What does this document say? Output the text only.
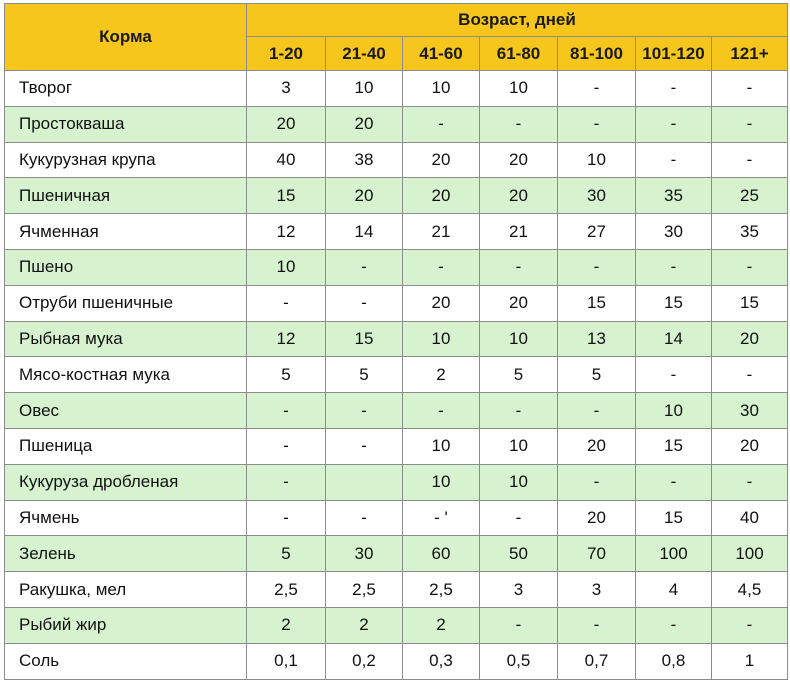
Корма	Возраст, дней						
	1-20	21-40	41-60	61-80	81-100	101-120	121+
Творог	3	10	10	10	-	-	-
Простокваша	20	20	-	-	-	-	-
Кукурузная крупа	40	38	20	20	10	-	-
Пшеничная	15	20	20	20	30	35	25
Ячменная	12	14	21	21	27	30	35
Пшено	10	-	-	-	-	-	-
Отруби пшеничные	-	-	20	20	15	15	15
Рыбная мука	12	15	10	10	13	14	20
Мясо-костная мука	5	5	2	5	5	-	-
Овес	-	-	-	-	-	10	30
Пшеница	-	-	10	10	20	15	20
Кукуруза дробленая	-		10	10	-	-	-
Ячмень	-	-	- '	-	20	15	40
Зелень	5	30	60	50	70	100	100
Ракушка, мел	2,5	2,5	2,5	3	3	4	4,5
Рыбий жир	2	2	2	-	-	-	-
Соль	0,1	0,2	0,3	0,5	0,7	0,8	1
